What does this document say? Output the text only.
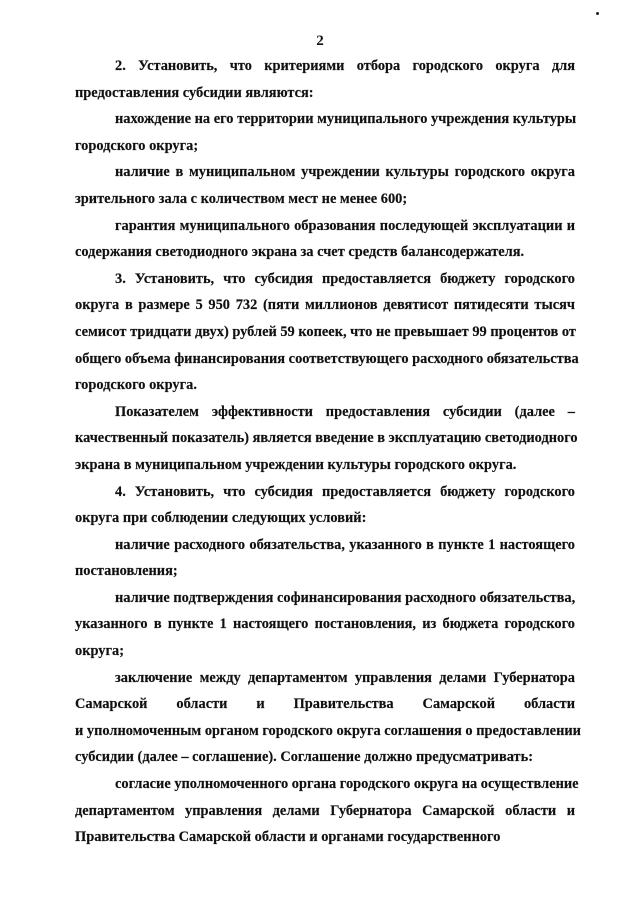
2
2. Установить, что критериями отбора городского округа для
предоставления субсидии являются:
нахождение на его территории муниципального учреждения культуры
городского округа;
наличие в муниципальном учреждении культуры городского округа
зрительного зала с количеством мест не менее 600;
гарантия муниципального образования последующей эксплуатации и
содержания светодиодного экрана за счет средств балансодержателя.
3. Установить, что субсидия предоставляется бюджету городского
округа в размере 5 950 732 (пяти миллионов девятисот пятидесяти тысяч
семисот тридцати двух) рублей 59 копеек, что не превышает 99 процентов от
общего объема финансирования соответствующего расходного обязательства
городского округа.
Показателем эффективности предоставления субсидии (далее –
качественный показатель) является введение в эксплуатацию светодиодного
экрана в муниципальном учреждении культуры городского округа.
4. Установить, что субсидия предоставляется бюджету городского
округа при соблюдении следующих условий:
наличие расходного обязательства, указанного в пункте 1 настоящего
постановления;
наличие подтверждения софинансирования расходного обязательства,
указанного в пункте 1 настоящего постановления, из бюджета городского
округа;
заключение между департаментом управления делами Губернатора
Самарской области и Правительства Самарской области
и уполномоченным органом городского округа соглашения о предоставлении
субсидии (далее – соглашение). Соглашение должно предусматривать:
согласие уполномоченного органа городского округа на осуществление
департаментом управления делами Губернатора Самарской области и
Правительства Самарской области и органами государственного
